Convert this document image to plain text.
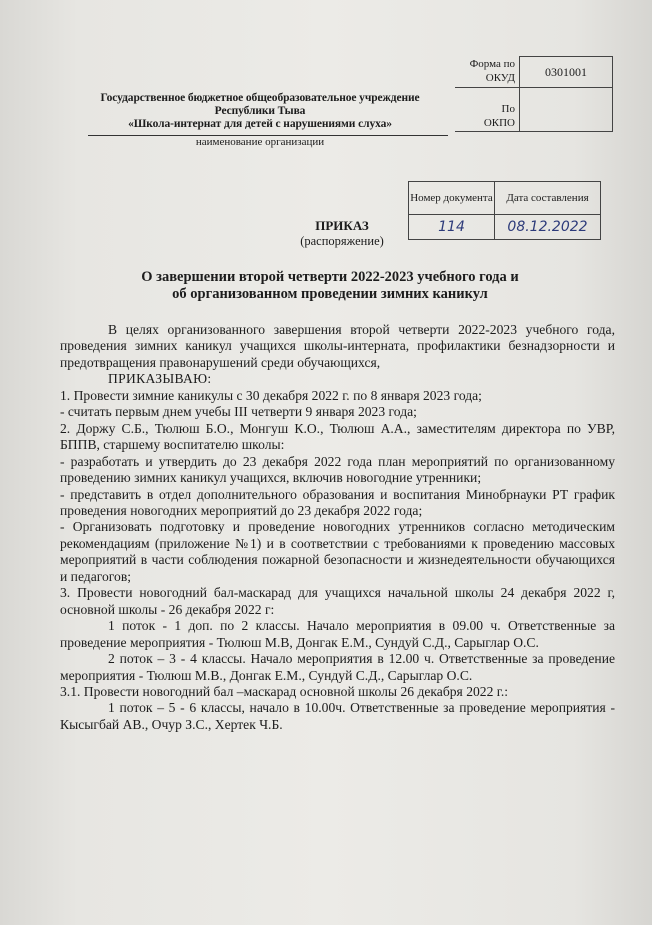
Государственное бюджетное общеобразовательное учреждение
Республики Тыва
«Школа-интернат для детей с нарушениями слуха»
наименование организации
Форма по
ОКУД	0301001
По
ОКПО
Номер документа	Дата составления
114	08.12.2022
ПРИКАЗ
(распоряжение)
О завершении второй четверти 2022-2023 учебного года и
об организованном проведении зимних каникул

В целях организованного завершения второй четверти 2022-2023 учебного года, проведения зимних каникул учащихся школы-интерната, профилактики безнадзорности и предотвращения правонарушений среди обучающихся,

ПРИКАЗЫВАЮ:

1. Провести зимние каникулы с 30 декабря 2022 г. по 8 января 2023 года;

- считать первым днем учебы III четверти 9 января 2023 года;

2. Доржу С.Б., Тюлюш Б.О., Монгуш К.О., Тюлюш А.А., заместителям директора по УВР, БППВ, старшему воспитателю школы:

- разработать и утвердить до 23 декабря 2022 года план мероприятий по организованному проведению зимних каникул учащихся, включив новогодние утренники;

- представить в отдел дополнительного образования и воспитания Минобрнауки РТ график проведения новогодних мероприятий до 23 декабря 2022 года;

- Организовать подготовку и проведение новогодних утренников согласно методическим рекомендациям (приложение №1) и в соответствии с требованиями к проведению массовых мероприятий в части соблюдения пожарной безопасности и жизнедеятельности обучающихся и педагогов;

3. Провести новогодний бал-маскарад для учащихся начальной школы 24 декабря 2022 г, основной школы - 26 декабря 2022 г:

1 поток - 1 доп. по 2 классы. Начало мероприятия в 09.00 ч. Ответственные за проведение мероприятия - Тюлюш М.В, Донгак Е.М., Сундуй С.Д., Сарыглар О.С.

2 поток – 3 - 4 классы. Начало мероприятия в 12.00 ч. Ответственные за проведение мероприятия - Тюлюш М.В., Донгак Е.М., Сундуй С.Д., Сарыглар О.С.

3.1. Провести новогодний бал –маскарад основной школы 26 декабря 2022 г.:

1 поток – 5 - 6 классы, начало в 10.00ч. Ответственные за проведение мероприятия - Кысыгбай АВ., Очур З.С., Хертек Ч.Б.
